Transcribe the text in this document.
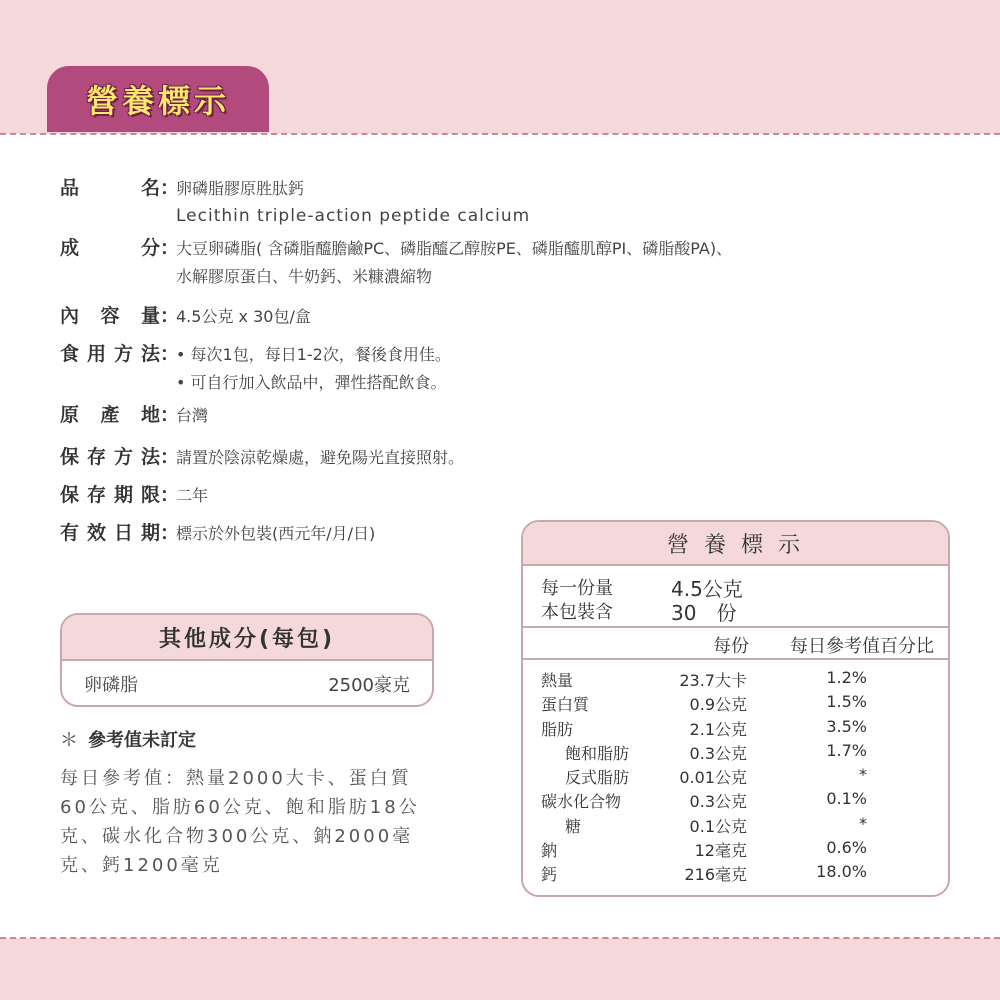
營養標示
品	名 ：
卵磷脂膠原胜肽鈣
Lecithin triple-action peptide calcium
成	分 ：
大豆卵磷脂( 含磷脂醯膽鹼PC、磷脂醯乙醇胺PE、磷脂醯肌醇PI、磷脂酸PA)、
水解膠原蛋白、牛奶鈣、米糠濃縮物
內 容 量 ：
4.5公克 x 30包/盒
食 用 方 法 ：
• 每次1包，每日1-2次，餐後食用佳。
• 可自行加入飲品中，彈性搭配飲食。
原 產 地 ：
台灣
保 存 方 法 ：
請置於陰涼乾燥處，避免陽光直接照射。
保 存 期 限 ：
二年
有 效 日 期 ：
標示於外包裝(西元年/月/日)
其他成分(每包)
卵磷脂	2500豪克
＊ 參考值未訂定
每日參考值：熱量2000大卡、蛋白質60公克、脂肪60公克、飽和脂肪18公克、碳水化合物300公克、鈉2000毫克、鈣1200毫克
營 養 標 示
每一份量	4.5公克
本包裝含	30　份
每份 每日參考值百分比
熱量	23.7大卡	1.2%
蛋白質	0.9公克	1.5%
脂肪	2.1公克	3.5%
飽和脂肪	0.3公克	1.7%
反式脂肪	0.01公克	*
碳水化合物	0.3公克	0.1%
糖	0.1公克	*
鈉	12毫克	0.6%
鈣	216毫克	18.0%
